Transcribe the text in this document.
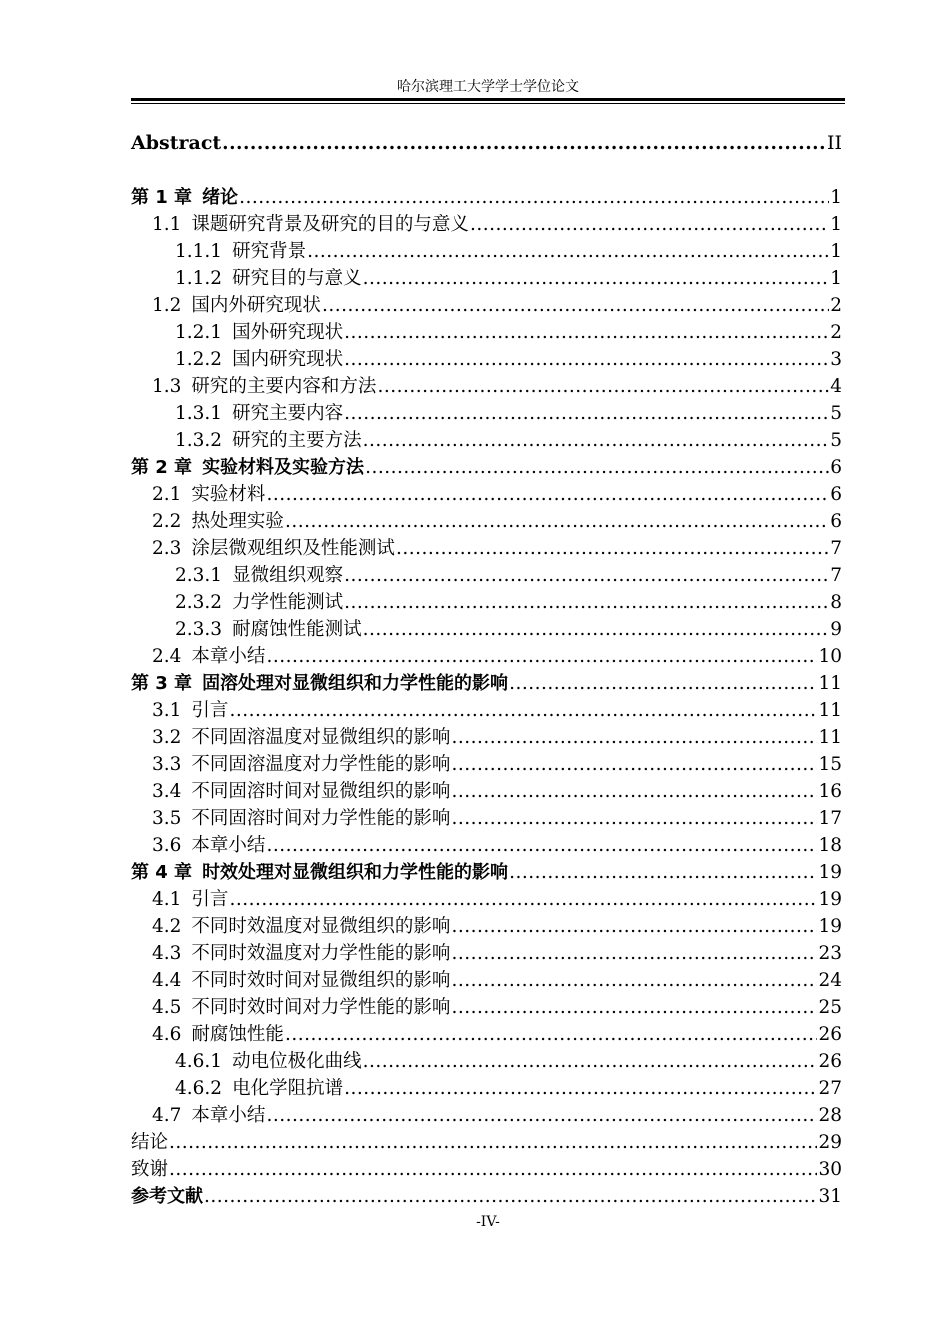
哈尔滨理工大学学士学位论文
Abstract .....	II
第 1 章 绪论 .....	1
1.1 课题研究背景及研究的目的与意义 .....	1
1.1.1 研究背景 .....	1
1.1.2 研究目的与意义 .....	1
1.2 国内外研究现状 .....	2
1.2.1 国外研究现状 .....	2
1.2.2 国内研究现状 .....	3
1.3 研究的主要内容和方法 .....	4
1.3.1 研究主要内容 .....	5
1.3.2 研究的主要方法 .....	5
第 2 章 实验材料及实验方法 .....	6
2.1 实验材料 .....	6
2.2 热处理实验 .....	6
2.3 涂层微观组织及性能测试 .....	7
2.3.1 显微组织观察 .....	7
2.3.2 力学性能测试 .....	8
2.3.3 耐腐蚀性能测试 .....	9
2.4 本章小结 .....	10
第 3 章 固溶处理对显微组织和力学性能的影响 .....	11
3.1 引言 .....	11
3.2 不同固溶温度对显微组织的影响 .....	11
3.3 不同固溶温度对力学性能的影响 .....	15
3.4 不同固溶时间对显微组织的影响 .....	16
3.5 不同固溶时间对力学性能的影响 .....	17
3.6 本章小结 .....	18
第 4 章 时效处理对显微组织和力学性能的影响 .....	19
4.1 引言 .....	19
4.2 不同时效温度对显微组织的影响 .....	19
4.3 不同时效温度对力学性能的影响 .....	23
4.4 不同时效时间对显微组织的影响 .....	24
4.5 不同时效时间对力学性能的影响 .....	25
4.6 耐腐蚀性能 .....	26
4.6.1 动电位极化曲线 .....	26
4.6.2 电化学阻抗谱 .....	27
4.7 本章小结 .....	28
结论 .....	29
致谢 .....	30
参考文献 .....	31
-IV-
